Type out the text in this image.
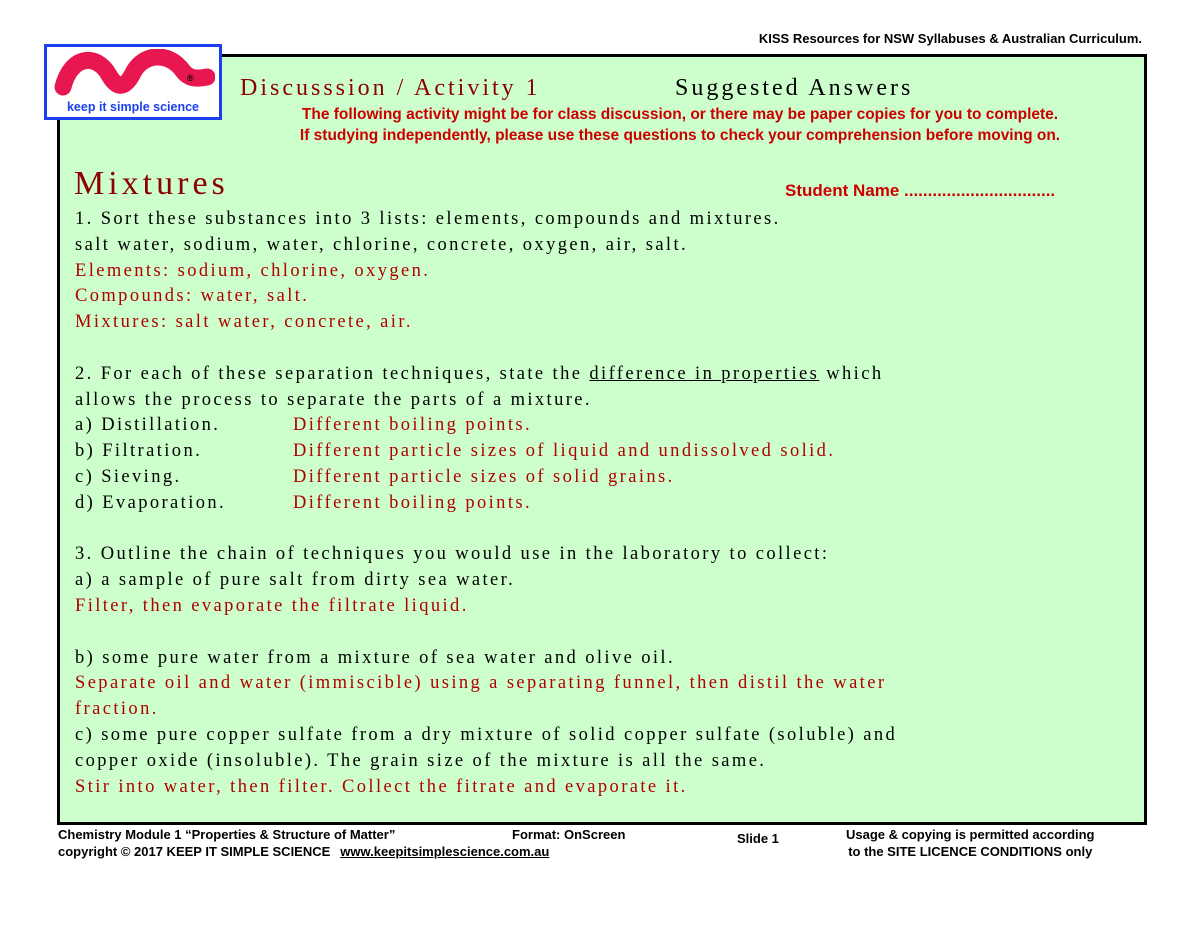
KISS Resources for NSW Syllabuses & Australian Curriculum.
Discusssion / Activity 1	Suggested Answers
The following activity might be for class discussion, or there may be paper copies for you to complete.
If studying independently, please use these questions to check your comprehension before moving on.
Mixtures	Student Name ................................
1. Sort these substances into 3 lists: elements, compounds and mixtures.
salt water, sodium, water, chlorine, concrete, oxygen, air, salt.
Elements: sodium, chlorine, oxygen.
Compounds: water, salt.
Mixtures: salt water, concrete, air.
2. For each of these separation techniques, state the difference in properties which
allows the process to separate the parts of a mixture.
a) Distillation.	Different boiling points.
b) Filtration.	Different particle sizes of liquid and undissolved solid.
c) Sieving.	Different particle sizes of solid grains.
d) Evaporation.	Different boiling points.
3. Outline the chain of techniques you would use in the laboratory to collect:
a) a sample of pure salt from dirty sea water.
Filter, then evaporate the filtrate liquid.
b) some pure water from a mixture of sea water and olive oil.
Separate oil and water (immiscible) using a separating funnel, then distil the water
fraction.
c) some pure copper sulfate from a dry mixture of solid copper sulfate (soluble) and
copper oxide (insoluble). The grain size of the mixture is all the same.
Stir into water, then filter. Collect the fitrate and evaporate it.
®
keep it simple science
Chemistry Module 1 “Properties & Structure of Matter”
copyright © 2017 KEEP IT SIMPLE SCIENCE www.keepitsimplescience.com.au
Format: OnScreen	Slide 1	Usage & copying is permitted according
to the SITE LICENCE CONDITIONS only
